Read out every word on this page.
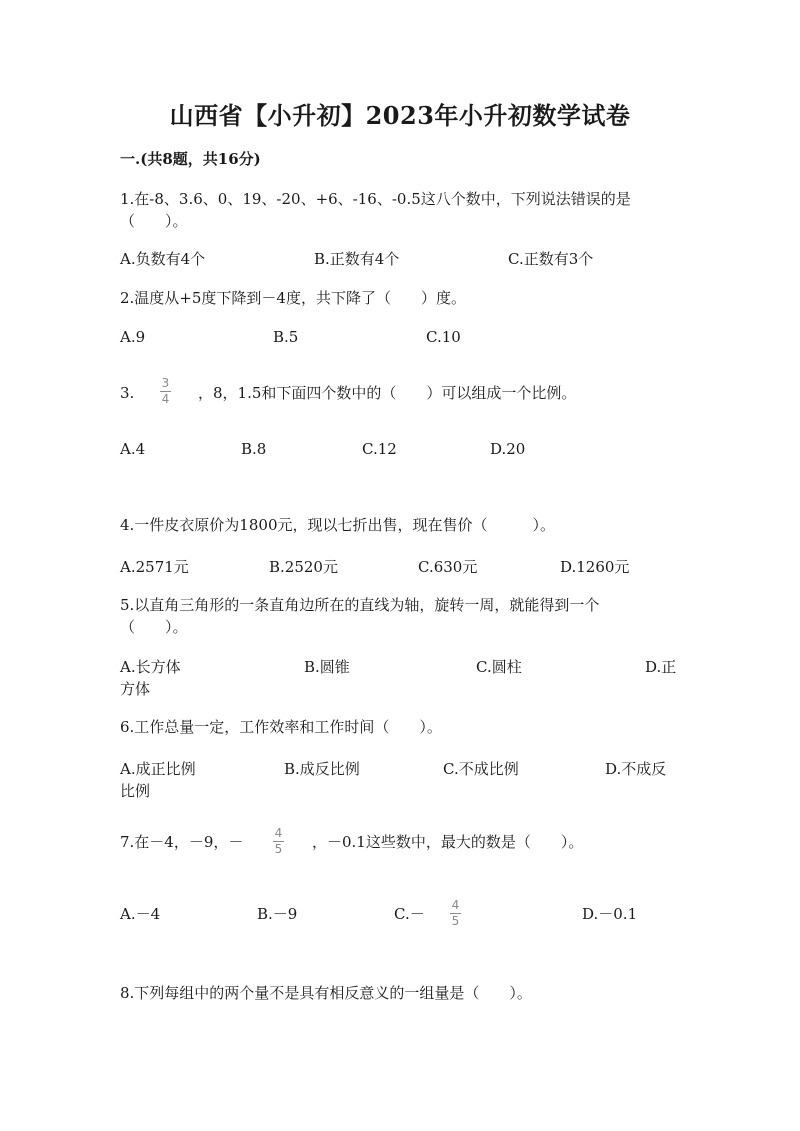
山西省【小升初】2023年小升初数学试卷
一.(共8题，共16分)
1.在-8、3.6、0、19、-20、+6、-16、-0.5这八个数中，下列说法错误的是
（　　）。
A.负数有4个	B.正数有4个	C.正数有3个
2.温度从+5度下降到－4度，共下降了（　　）度。
A.9	B.5	C.10
3.
3
4 ，8，1.5和下面四个数中的（　　）可以组成一个比例。
A.4	B.8	C.12	D.20
4.一件皮衣原价为1800元，现以七折出售，现在售价（　　　）。
A.2571元	B.2520元	C.630元	D.1260元
5.以直角三角形的一条直角边所在的直线为轴，旋转一周，就能得到一个
（　　）。
A.长方体	B.圆锥	C.圆柱	D.正
方体
6.工作总量一定，工作效率和工作时间（　　）。
A.成正比例	B.成反比例	C.不成比例	D.不成反
比例
7.在－4，－9，－	4
5 ，－0.1这些数中，最大的数是（　　）。
A.－4	B.－9	C.－ 4
5	D.－0.1
8.下列每组中的两个量不是具有相反意义的一组量是（　　）。
